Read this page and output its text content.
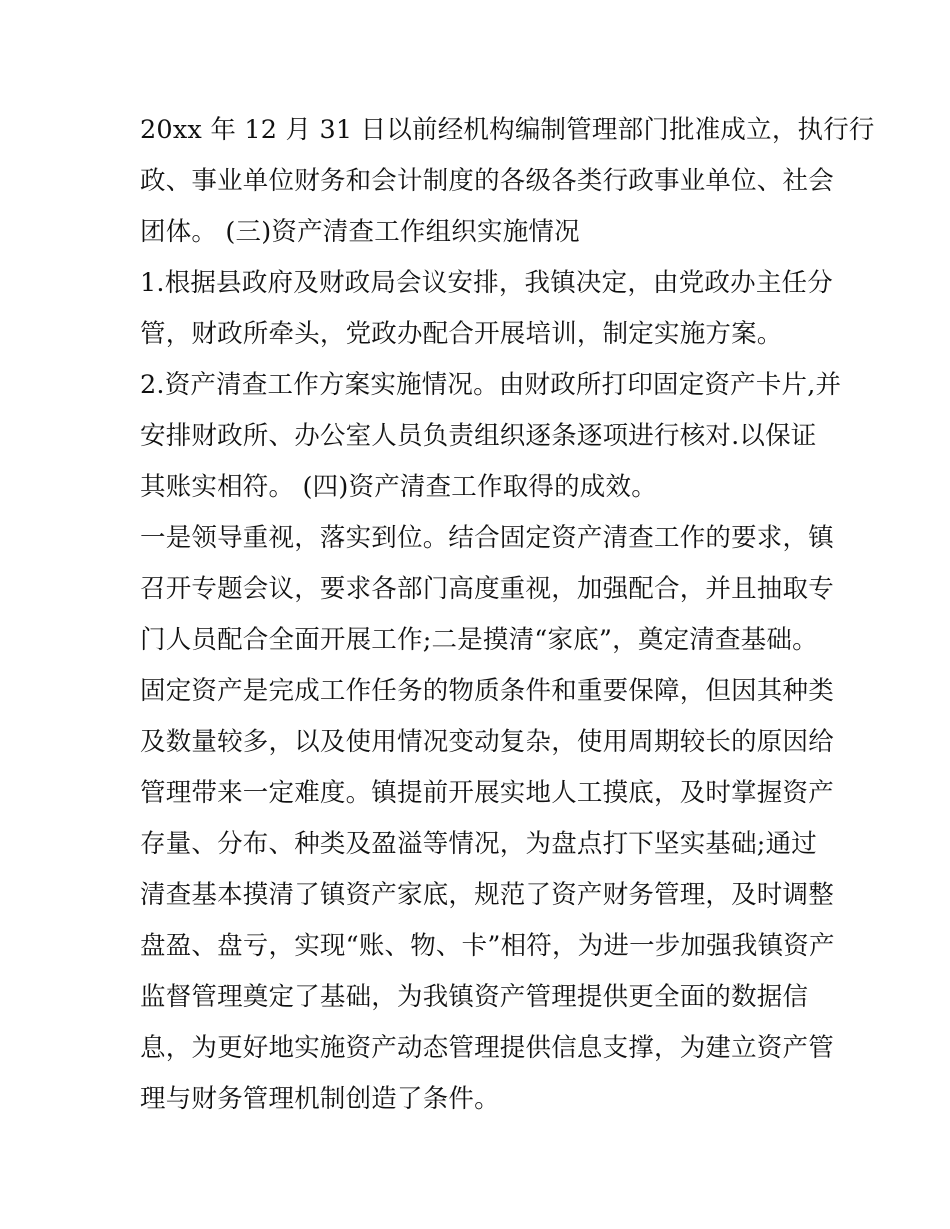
20xx 年 12 月 31 日以前经机构编制管理部门批准成立，执行行
政、事业单位财务和会计制度的各级各类行政事业单位、社会
团体。 (三)资产清查工作组织实施情况
1.根据县政府及财政局会议安排，我镇决定，由党政办主任分
管，财政所牵头，党政办配合开展培训，制定实施方案。
2.资产清查工作方案实施情况。由财政所打印固定资产卡片,并
安排财政所、办公室人员负责组织逐条逐项进行核对.以保证
其账实相符。 (四)资产清查工作取得的成效。
一是领导重视，落实到位。结合固定资产清查工作的要求，镇
召开专题会议，要求各部门高度重视，加强配合，并且抽取专
门人员配合全面开展工作;二是摸清“家底”，奠定清查基础。
固定资产是完成工作任务的物质条件和重要保障，但因其种类
及数量较多，以及使用情况变动复杂，使用周期较长的原因给
管理带来一定难度。镇提前开展实地人工摸底，及时掌握资产
存量、分布、种类及盈溢等情况，为盘点打下坚实基础;通过
清查基本摸清了镇资产家底，规范了资产财务管理，及时调整
盘盈、盘亏，实现“账、物、卡”相符，为进一步加强我镇资产
监督管理奠定了基础，为我镇资产管理提供更全面的数据信
息，为更好地实施资产动态管理提供信息支撑，为建立资产管
理与财务管理机制创造了条件。
